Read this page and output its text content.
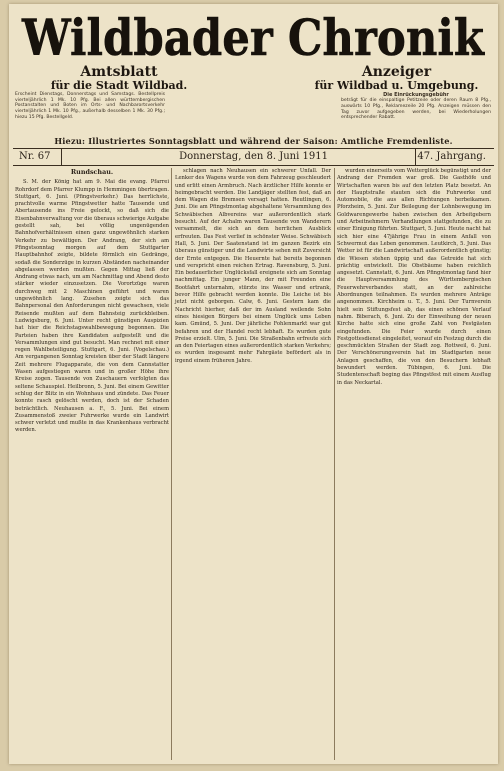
Wildbader Chronik
Amtsblatt
für die Stadt Wildbad.
Anzeiger
für Wildbad u. Umgebung.
Erscheint Dienstags, Donnerstags und Samstags. Bestellpreis vierteljährlich 1 Mk. 10 Pfg. Bei allen württembergischen Postanstalten und Boten im Orts- und Nachbarortsverkehr vierteljährlich 1 Mk. 10 Pfg., außerhalb desselben 1 Mk. 30 Pfg.; hiezu 15 Pfg. Bestellgeld.
Die Einrückungsgebühr
beträgt für die einspaltige Petitzeile oder deren Raum 8 Pfg., auswärts 10 Pfg., Reklamezeile 20 Pfg. Anzeigen müssen den Tag zuvor aufgegeben werden, bei Wiederholungen entsprechender Rabatt.
Hiezu: Illustriertes Sonntagsblatt und während der Saison: Amtliche Fremdenliste.
Nr. 67	Donnerstag, den 8. Juni 1911	47. Jahrgang.
Rundschau.

S. M. der König hat am 9. Mai die evang. Pfarrei Rohrdorf dem Pfarrer Klumpp in Hemmingen übertragen. Stuttgart, 6. Juni. (Pfingstverkehr.) Das herrlichste, prachtvolle warme Pfingstwetter hatte Tausende und Abertausende ins Freie gelockt, so daß sich die Eisenbahnverwaltung vor die überaus schwierige Aufgabe gestellt sah, bei völlig ungenügenden Bahnhofverhältnissen einen ganz ungewöhnlich starken Verkehr zu bewältigen. Der Andrang, der sich am Pfingstsonntag morgen auf dem Stuttgarter Hauptbahnhof zeigte, bildete förmlich ein Gedränge, sodaß die Sonderzüge in kurzen Abständen nacheinander abgelassen werden mußten. Gegen Mittag ließ der Andrang etwas nach, um am Nachmittag und Abend desto stärker wieder einzusetzen. Die Vorortzüge waren durchweg mit 2 Maschinen geführt und waren ungewöhnlich lang. Zusehen zeigte sich das Bahnpersonal den Anforderungen nicht gewachsen, viele Reisende mußten auf dem Bahnsteig zurückbleiben. Ludwigsburg, 6. Juni. Unter recht günstigen Auspizien hat hier die Reichstagswahlbewegung begonnen. Die Parteien haben ihre Kandidaten aufgestellt und die Versammlungen sind gut besucht. Man rechnet mit einer regen Wahlbeteiligung. Stuttgart, 6. Juni. (Vogelschau.) Am vergangenen Sonntag kreisten über der Stadt längere Zeit mehrere Flugapparate, die von dem Cannstatter Wasen aufgestiegen waren und in großer Höhe ihre Kreise zogen. Tausende von Zuschauern verfolgten das seltene Schauspiel. Heilbronn, 5. Juni. Bei einem Gewitter schlug der Blitz in ein Wohnhaus und zündete. Das Feuer konnte rasch gelöscht werden, doch ist der Schaden beträchtlich. Neuhausen a. F., 5. Juni. Bei einem Zusammenstoß zweier Fuhrwerke wurde ein Landwirt schwer verletzt und mußte in das Krankenhaus verbracht werden.

schlagen nach Neuhausen ein schwerer Unfall. Der Lenker des Wagens wurde von dem Fahrzeug geschleudert und erlitt einen Armbruch. Nach ärztlicher Hilfe konnte er heimgebracht werden. Die Landjäger stellten fest, daß an dem Wagen die Bremsen versagt hatten. Reutlingen, 6. Juni. Die am Pfingstmontag abgehaltene Versammlung des Schwäbischen Albvereins war außerordentlich stark besucht. Auf der Achalm waren Tausende von Wanderern versammelt, die sich an dem herrlichen Ausblick erfreuten. Das Fest verlief in schönster Weise. Schwäbisch Hall, 5. Juni. Der Saatenstand ist im ganzen Bezirk ein überaus günstiger und die Landwirte sehen mit Zuversicht der Ernte entgegen. Die Heuernte hat bereits begonnen und verspricht einen reichen Ertrag. Ravensburg, 5. Juni. Ein bedauerlicher Unglücksfall ereignete sich am Sonntag nachmittag. Ein junger Mann, der mit Freunden eine Bootfahrt unternahm, stürzte ins Wasser und ertrank, bevor Hilfe gebracht werden konnte. Die Leiche ist bis jetzt nicht geborgen. Calw, 6. Juni. Gestern kam die Nachricht hierher, daß der im Ausland weilende Sohn eines hiesigen Bürgers bei einem Unglück ums Leben kam. Gmünd, 5. Juni. Der jährliche Fohlenmarkt war gut befahren und der Handel recht lebhaft. Es wurden gute Preise erzielt. Ulm, 5. Juni. Die Straßenbahn erfreute sich an den Feiertagen eines außerordentlich starken Verkehrs; es wurden insgesamt mehr Fahrgäste befördert als in irgend einem früheren Jahre.

wurden einerseits vom Wetterglück begünstigt und der Andrang der Fremden war groß. Die Gasthöfe und Wirtschaften waren bis auf den letzten Platz besetzt. An der Hauptstraße stauten sich die Fuhrwerke und Automobile, die aus allen Richtungen herbeikamen. Pforzheim, 5. Juni. Zur Beilegung der Lohnbewegung im Goldwarengewerbe haben zwischen den Arbeitgebern und Arbeitnehmern Verhandlungen stattgefunden, die zu einer Einigung führten. Stuttgart, 5. Juni. Heute nacht hat sich hier eine 47jährige Frau in einem Anfall von Schwermut das Leben genommen. Leutkirch, 5. Juni. Das Wetter ist für die Landwirtschaft außerordentlich günstig; die Wiesen stehen üppig und das Getreide hat sich prächtig entwickelt. Die Obstbäume haben reichlich angesetzt. Cannstatt, 6. Juni. Am Pfingstmontag fand hier die Hauptversammlung des Württembergischen Feuerwehrverbandes statt, an der zahlreiche Abordnungen teilnahmen. Es wurden mehrere Anträge angenommen. Kirchheim u. T., 5. Juni. Der Turnverein hielt sein Stiftungsfest ab, das einen schönen Verlauf nahm. Biberach, 6. Juni. Zu der Einweihung der neuen Kirche hatte sich eine große Zahl von Festgästen eingefunden. Die Feier wurde durch einen Festgottesdienst eingeleitet, worauf ein Festzug durch die geschmückten Straßen der Stadt zog. Rottweil, 6. Juni. Der Verschönerungsverein hat im Stadtgarten neue Anlagen geschaffen, die von den Besuchern lebhaft bewundert werden. Tübingen, 6. Juni. Die Studentenschaft beging das Pfingstfest mit einem Ausflug in das Neckartal.
